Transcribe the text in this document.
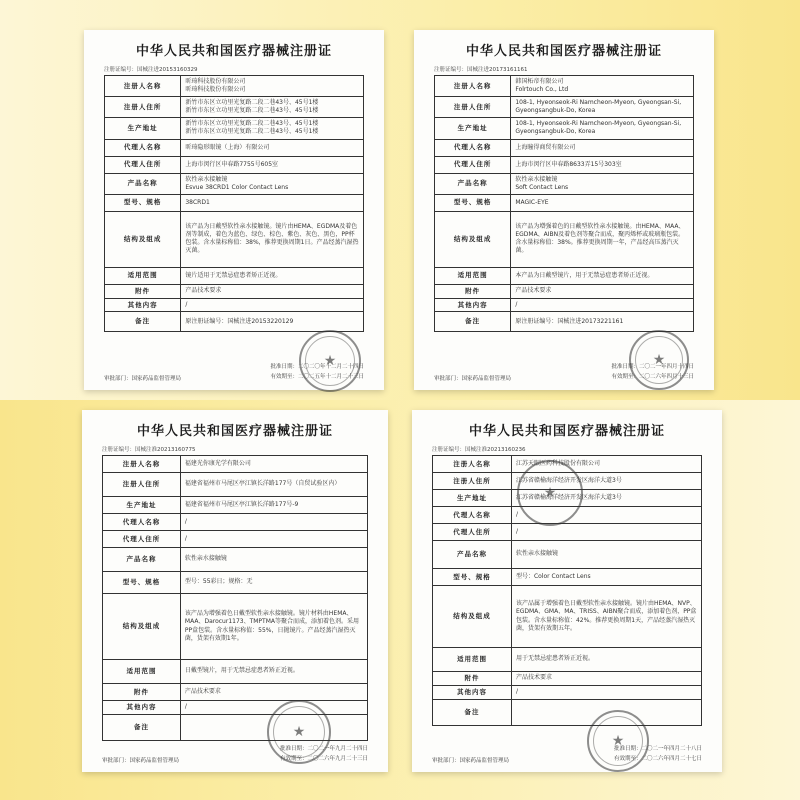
中华人民共和国医疗器械注册证
注册证编号：国械注进20153160329
注册人名称	昕琦科技股份有限公司
昕琦科技股份有限公司
注册人住所	新竹市东区立功里光复路二段二巷43号、45号1楼
新竹市东区立功里光复路二段二巷43号、45号1楼
生产地址	新竹市东区立功里光复路二段二巷43号、45号1楼
新竹市东区立功里光复路二段二巷43号、45号1楼
代理人名称	昕琦隐形眼镜（上海）有限公司
代理人住所	上海市闵行区申春路7755号605室
产品名称	软性亲水接触镜
Esvue 38CRD1 Color Contact Lens
型号、规格	38CRD1
结构及组成	该产品为日戴型软性亲水接触镜。镜片由HEMA、EGDMA及着色剂等制成，着色为蓝色、绿色、棕色、紫色、灰色、黑色，PP杯包装。含水量标称值：38%，推荐更换周期1日。产品经蒸汽湿热灭菌。
适用范围	镜片适用于无禁忌症患者矫正近视。
附件	产品技术要求
其他内容	/
备注	原注册证编号：国械注进20153220129
审批部门：国家药品监督管理局
批准日期：二〇二〇年十二月二十四日
有效期至：二〇二五年十二月二十三日
★
中华人民共和国医疗器械注册证
注册证编号：国械注进20173161161
注册人名称	韩国柘帝有限公司
Folrtouch Co., Ltd
注册人住所	108-1, Hyeonseok-Ri Namcheon-Myeon, Gyeongsan-Si,
Gyeongsangbuk-Do, Korea
生产地址	108-1, Hyeonseok-Ri Namcheon-Myeon, Gyeongsan-Si,
Gyeongsangbuk-Do, Korea
代理人名称	上海瞳得商贸有限公司
代理人住所	上海市闵行区申春路8633弄15号303室
产品名称	软性亲水接触镜
Soft Contact Lens
型号、规格	MAGIC-EYE
结构及组成	该产品为增强着色的日戴型软性亲水接触镜。由HEMA、MAA、EGDMA、AIBN及着色剂等聚合而成，聚丙烯杯或玻璃瓶包装。含水量标称值：38%。推荐更换周期一年，产品经高压蒸汽灭菌。
适用范围	本产品为日戴型镜片，用于无禁忌症患者矫正近视。
附件	产品技术要求
其他内容	/
备注	原注册证编号：国械注进20173221161
审批部门：国家药品监督管理局
批准日期：二〇二一年四月十四日
有效期至：二〇二六年四月十三日
★
中华人民共和国医疗器械注册证
注册证编号：国械注准20213160775
注册人名称	福建光你康光学有限公司
注册人住所	福建省福州市马尾区亭江镇长洋路177号（自贸试验区内）
生产地址	福建省福州市马尾区亭江镇长洋路177号-9
代理人名称	/
代理人住所	/
产品名称	软性亲水接触镜
型号、规格	型号：55彩日；规格：无
结构及组成	该产品为增强着色日戴型软性亲水接触镜。镜片材料由HEMA、MAA、Darocur1173、TMPTMA等聚合而成，添加着色剂。采用PP盒包装。含水量标称值：55%，日抛镜片。产品经蒸汽湿热灭菌，货架有效期1年。
适用范围	日戴型镜片，用于无禁忌症患者矫正近视。
附件	产品技术要求
其他内容	/
备注	
审批部门：国家药品监督管理局
批准日期：二〇二一年九月二十四日
有效期至：二〇二六年九月二十三日
★
中华人民共和国医疗器械注册证
注册证编号：国械注准20213160236
注册人名称	江苏天眼医药科技股份有限公司
注册人住所	江苏省赣榆海洋经济开发区海洋大道3号
生产地址	江苏省赣榆海洋经济开发区海洋大道3号
代理人名称	/
代理人住所	/
产品名称	软性亲水接触镜
型号、规格	型号：Color Contact Lens
结构及组成	该产品属于增强着色日戴型软性亲水接触镜。镜片由HEMA、NVP、EGDMA、GMA、MA、TRISS、AIBN聚合而成，添加着色剂，PP盒包装。含水量标称值：42%。推荐更换周期1天，产品经蒸汽湿热灭菌，货架有效期五年。
适用范围	用于无禁忌症患者矫正近视。
附件	产品技术要求
其他内容	/
备注	
审批部门：国家药品监督管理局
批准日期：二〇二一年四月二十八日
有效期至：二〇二六年四月二十七日
★
★
